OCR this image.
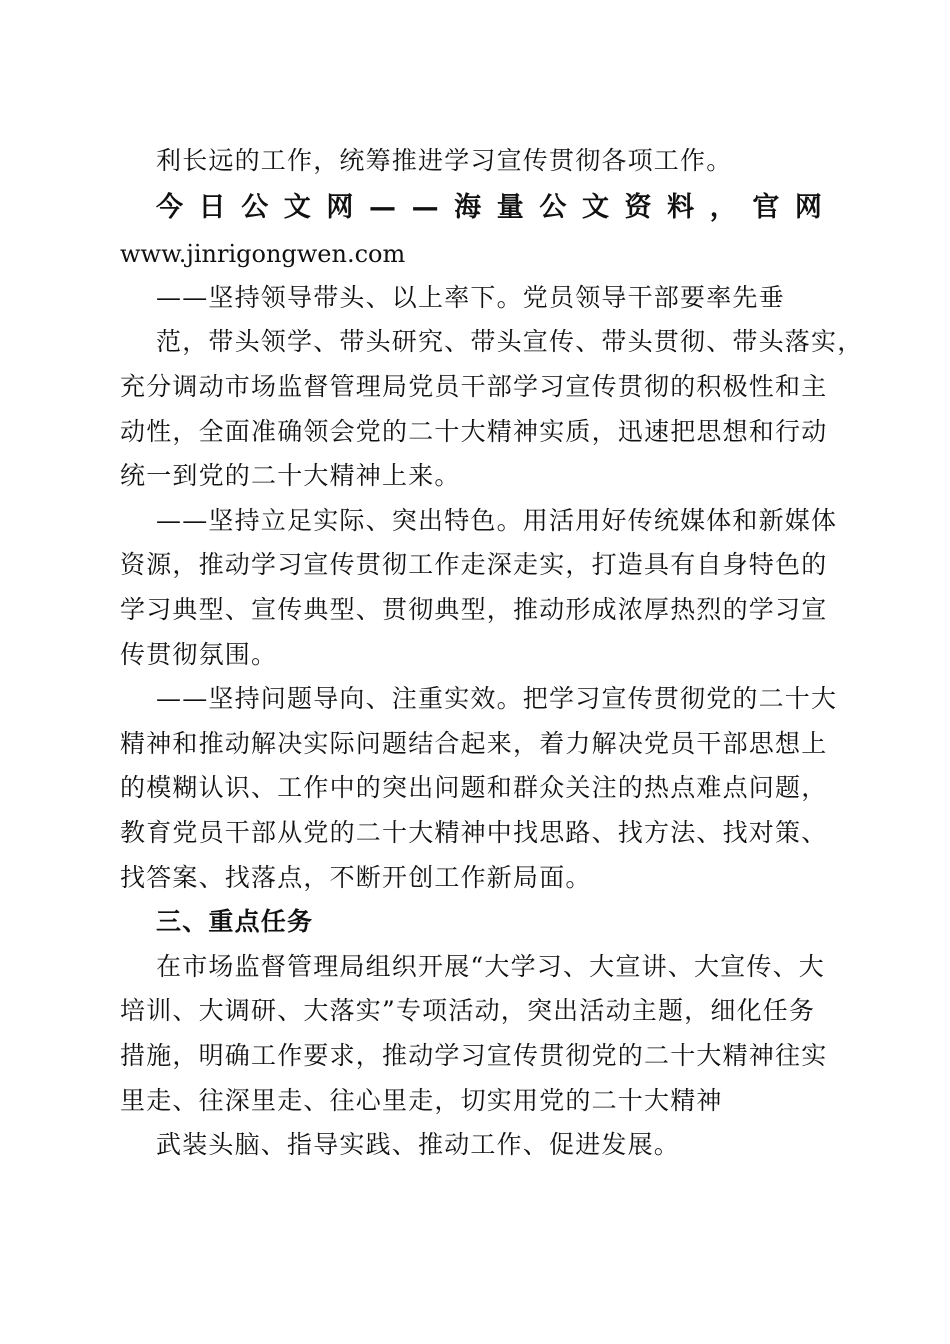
利长远的工作，统筹推进学习宣传贯彻各项工作。
今 日 公 文 网 — — 海 量 公 文 资 料 ， 官 网
www.jinrigongwen.com
——坚持领导带头、以上率下。党员领导干部要率先垂
范，带头领学、带头研究、带头宣传、带头贯彻、带头落实，
充分调动市场监督管理局党员干部学习宣传贯彻的积极性和主
动性，全面准确领会党的二十大精神实质，迅速把思想和行动
统一到党的二十大精神上来。
——坚持立足实际、突出特色。用活用好传统媒体和新媒体
资源，推动学习宣传贯彻工作走深走实，打造具有自身特色的
学习典型、宣传典型、贯彻典型，推动形成浓厚热烈的学习宣
传贯彻氛围。
——坚持问题导向、注重实效。把学习宣传贯彻党的二十大
精神和推动解决实际问题结合起来，着力解决党员干部思想上
的模糊认识、工作中的突出问题和群众关注的热点难点问题，
教育党员干部从党的二十大精神中找思路、找方法、找对策、
找答案、找落点，不断开创工作新局面。
三、重点任务
在市场监督管理局组织开展“大学习、大宣讲、大宣传、大
培训、大调研、大落实”专项活动，突出活动主题，细化任务
措施，明确工作要求，推动学习宣传贯彻党的二十大精神往实
里走、往深里走、往心里走，切实用党的二十大精神
武装头脑、指导实践、推动工作、促进发展。
